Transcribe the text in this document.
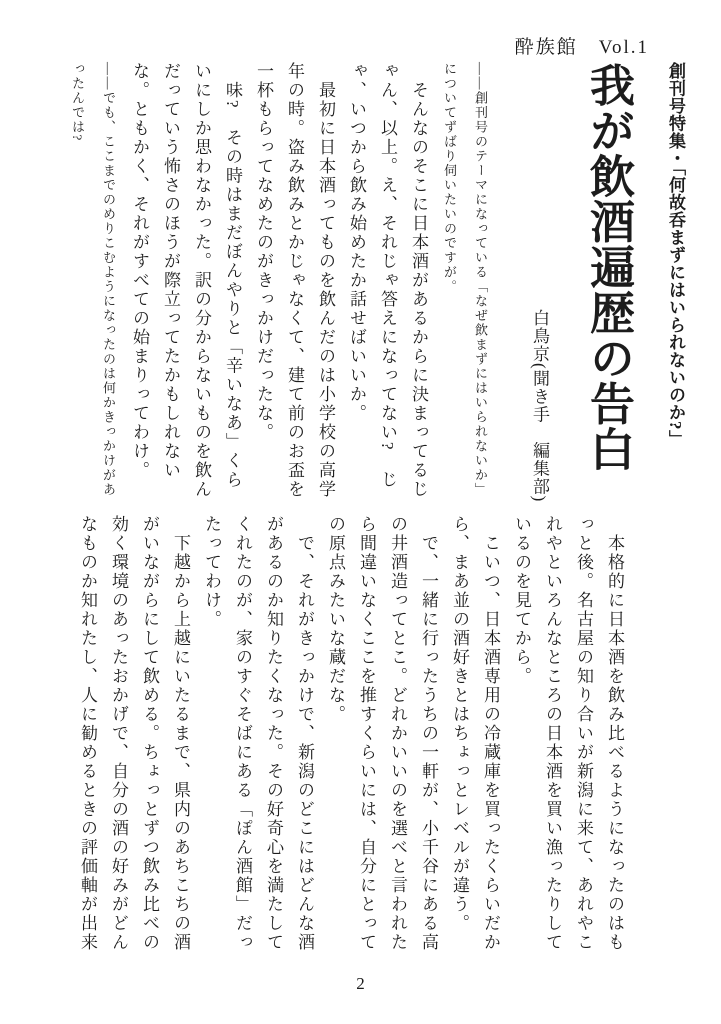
酔族館　Vol.1
創刊号特集・「何故呑まずにはいられないのか?」
我が飲酒遍歴の告白
白鳥京(聞き手　編集部)

——創刊号のテーマになっている「なぜ飲まずにはいられないか」についてずばり伺いたいのですが。

　そんなのそこに日本酒があるからに決まってるじゃん、以上。え、それじゃ答えになってない?　じゃ、いつから飲み始めたか話せばいいか。

　最初に日本酒ってものを飲んだのは小学校の高学年の時。盗み飲みとかじゃなくて、建て前のお盃を一杯もらってなめたのがきっかけだったな。

　味?　その時はまだぼんやりと「辛いなあ」くらいにしか思わなかった。訳の分からないものを飲んだっていう怖さのほうが際立ってたかもしれないな。ともかく、それがすべての始まりってわけ。

——でも、ここまでのめりこむようになったのは何かきっかけがあったんでは?

　本格的に日本酒を飲み比べるようになったのはもっと後。名古屋の知り合いが新潟に来て、あれやこれやといろんなところの日本酒を買い漁ったりしているのを見てから。

　こいつ、日本酒専用の冷蔵庫を買ったくらいだから、まあ並の酒好きとはちょっとレベルが違う。

　で、一緒に行ったうちの一軒が、小千谷にある高の井酒造ってとこ。どれかいいのを選べと言われたら間違いなくここを推すくらいには、自分にとっての原点みたいな蔵だな。

　で、それがきっかけで、新潟のどこにはどんな酒があるのか知りたくなった。その好奇心を満たしてくれたのが、家のすぐそばにある「ぽん酒館」だったってわけ。

　下越から上越にいたるまで、県内のあちこちの酒がいながらにして飲める。ちょっとずつ飲み比べの効く環境のあったおかげで、自分の酒の好みがどんなものか知れたし、人に勧めるときの評価軸が出来

2
